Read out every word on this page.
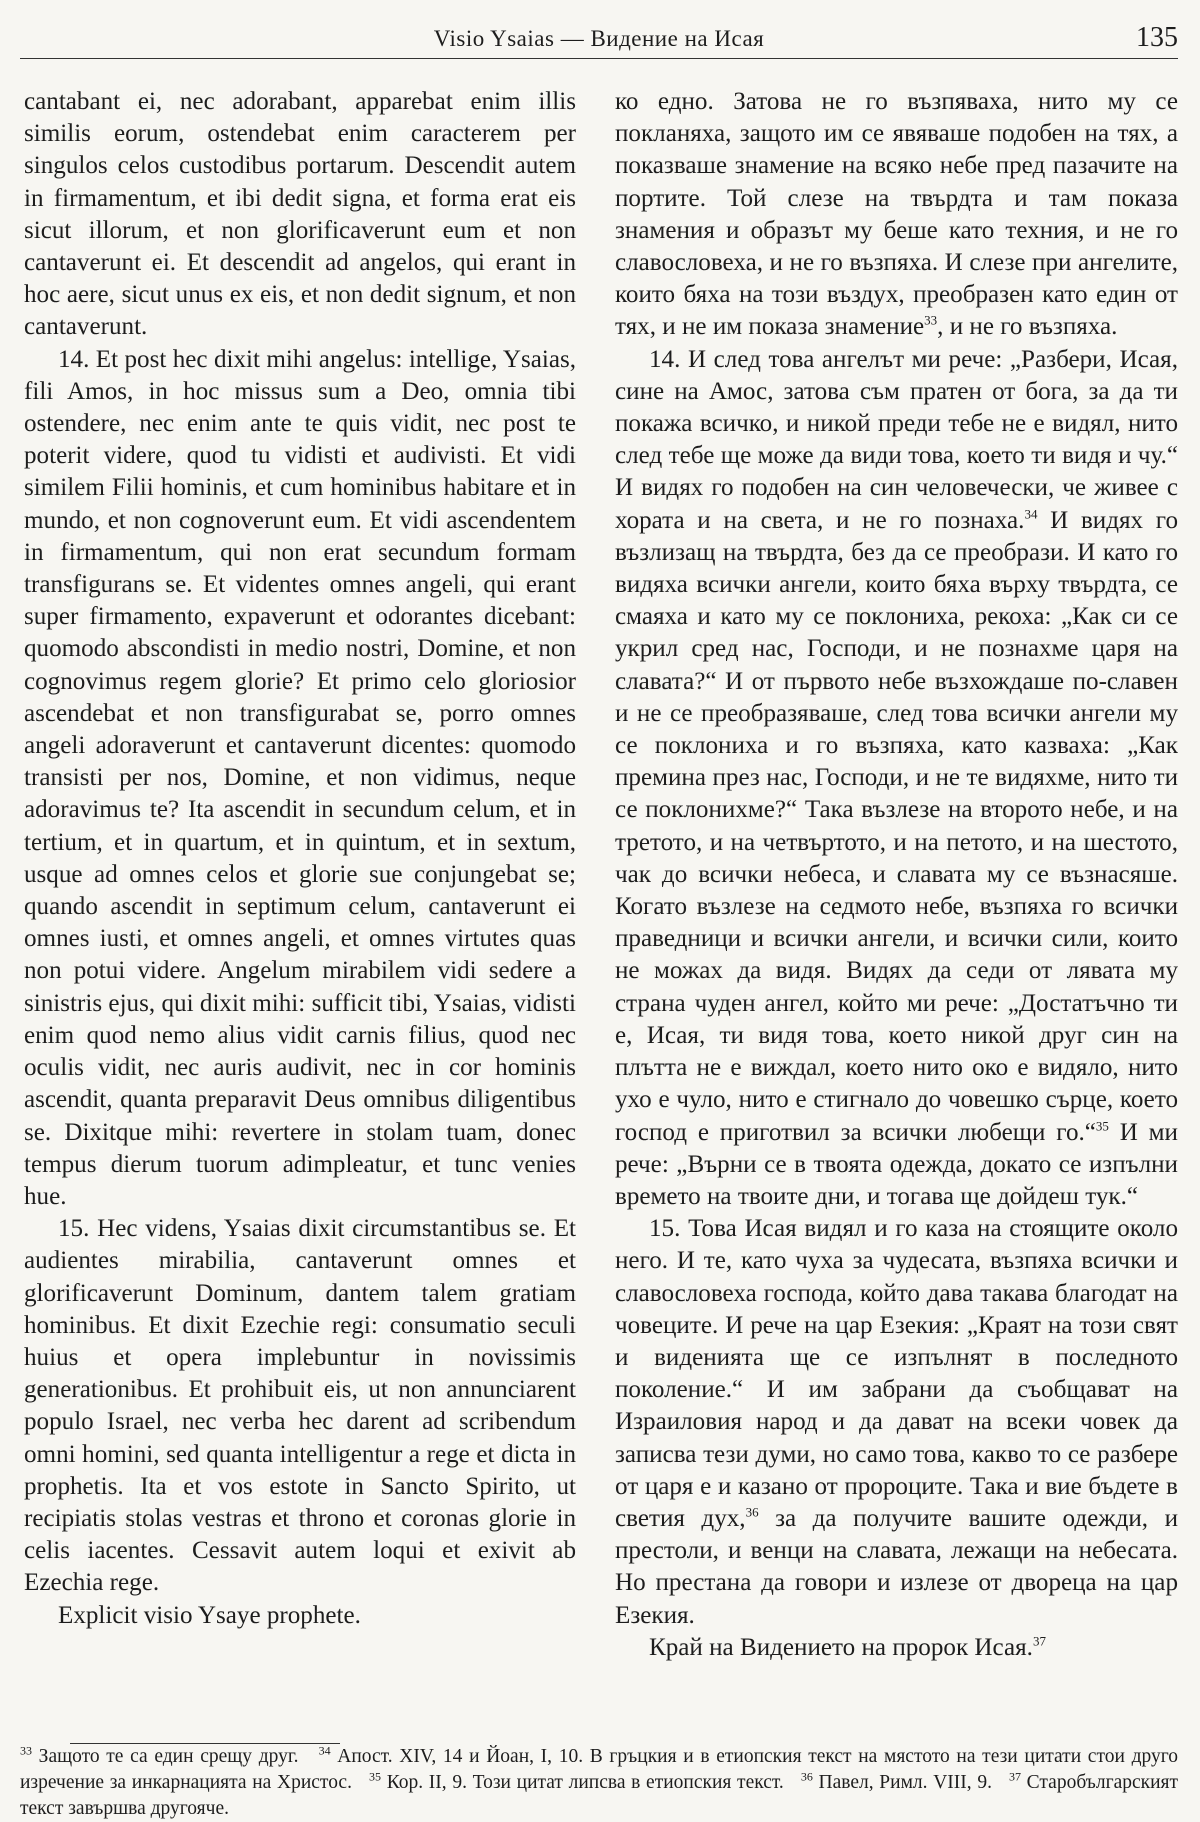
Visio Ysaias — Видение на Исая	135

cantabant ei, nec adorabant, apparebat enim illis similis eorum, ostendebat enim caracterem per singulos celos custodibus portarum. Descendit autem in firmamentum, et ibi dedit signa, et forma erat eis sicut illorum, et non glorificaverunt eum et non cantaverunt ei. Et descendit ad angelos, qui erant in hoc aere, sicut unus ex eis, et non dedit signum, et non cantaverunt.

14. Et post hec dixit mihi angelus: intellige, Ysaias, fili Amos, in hoc missus sum a Deo, omnia tibi ostendere, nec enim ante te quis vidit, nec post te poterit videre, quod tu vidisti et audivisti. Et vidi similem Filii hominis, et cum hominibus habitare et in mundo, et non cognoverunt eum. Et vidi ascendentem in firmamentum, qui non erat secundum formam transfigurans se. Et videntes omnes angeli, qui erant super firmamento, expaverunt et odorantes dicebant: quomodo abscondisti in medio nostri, Domine, et non cognovimus regem glorie? Et primo celo gloriosior ascendebat et non transfigurabat se, porro omnes angeli adoraverunt et cantaverunt dicentes: quomodo transisti per nos, Domine, et non vidimus, neque adoravimus te? Ita ascendit in secundum celum, et in tertium, et in quartum, et in quintum, et in sextum, usque ad omnes celos et glorie sue conjungebat se; quando ascendit in septimum celum, cantaverunt ei omnes iusti, et omnes angeli, et omnes virtutes quas non potui videre. Angelum mirabilem vidi sedere a sinistris ejus, qui dixit mihi: sufficit tibi, Ysaias, vidisti enim quod nemo alius vidit carnis filius, quod nec oculis vidit, nec auris audivit, nec in cor hominis ascendit, quanta preparavit Deus omnibus diligentibus se. Dixitque mihi: revertere in stolam tuam, donec tempus dierum tuorum adimpleatur, et tunc venies hue.

15. Hec videns, Ysaias dixit circumstantibus se. Et audientes mirabilia, cantaverunt omnes et glorificaverunt Dominum, dantem talem gratiam hominibus. Et dixit Ezechie regi: consumatio seculi huius et opera implebuntur in novissimis generationibus. Et prohibuit eis, ut non annunciarent populo Israel, nec verba hec darent ad scribendum omni homini, sed quanta intelligentur a rege et dicta in prophetis. Ita et vos estote in Sancto Spirito, ut recipiatis stolas vestras et throno et coronas glorie in celis iacentes. Cessavit autem loqui et exivit ab Ezechia rege.

Explicit visio Ysaye prophete.

ко едно. Затова не го възпяваха, нито му се покланяха, защото им се явяваше подобен на тях, а показваше знамение на всяко небе пред пазачите на портите. Той слезе на твърдта и там показа знамения и образът му беше като техния, и не го славословеха, и не го възпяха. И слезе при ангелите, които бяха на този въздух, преобразен като един от тях, и не им показа знамение$^{33}$, и не го възпяха.

14. И след това ангелът ми рече: „Разбери, Исая, сине на Амос, затова съм пратен от бога, за да ти покажа всичко, и никой преди тебе не е видял, нито след тебе ще може да види това, което ти видя и чу.“ И видях го подобен на син человечески, че живее с хората и на света, и не го познаха.$^{34}$ И видях го възлизащ на твърдта, без да се преобрази. И като го видяха всички ангели, които бяха върху твърдта, се смаяха и като му се поклониха, рекоха: „Как си се укрил сред нас, Господи, и не познахме царя на славата?“ И от първото небе възхождаше по-славен и не се преобразяваше, след това всички ангели му се поклониха и го възпяха, като казваха: „Как премина през нас, Господи, и не те видяхме, нито ти се поклонихме?“ Така възлезе на второто небе, и на третото, и на четвъртото, и на петото, и на шестото, чак до всички небеса, и славата му се възнасяше. Когато възлезе на седмото небе, възпяха го всички праведници и всички ангели, и всички сили, които не можах да видя. Видях да седи от лявата му страна чуден ангел, който ми рече: „Достатъчно ти е, Исая, ти видя това, което никой друг син на плътта не е виждал, което нито око е видяло, нито ухо е чуло, нито е стигнало до човешко сърце, което господ е приготвил за всички любещи го.“$^{35}$ И ми рече: „Върни се в твоята одежда, докато се изпълни времето на твоите дни, и тогава ще дойдеш тук.“

15. Това Исая видял и го каза на стоящите около него. И те, като чуха за чудесата, възпяха всички и славословеха господа, който дава такава благодат на човеците. И рече на цар Езекия: „Краят на този свят и виденията ще се изпълнят в последното поколение.“ И им забрани да съобщават на Израиловия народ и да дават на всеки човек да записва тези думи, но само това, какво то се разбере от царя е и казано от пророците. Така и вие бъдете в светия дух,$^{36}$ за да получите вашите одежди, и престоли, и венци на славата, лежащи на небесата. Но престана да говори и излезе от двореца на цар Езекия.

Край на Видението на пророк Исая.$^{37}$

$^{33}$ Защото те са един срещу друг. $^{34}$ Апост. XIV, 14 и Йоан, I, 10. В гръцкия и в етиопския текст на мястото на тези цитати стои друго изречение за инкарнацията на Христос. $^{35}$ Кор. II, 9. Този цитат липсва в етиопския текст. $^{36}$ Павел, Римл. VIII, 9. $^{37}$ Старобългарският текст завършва другояче.
